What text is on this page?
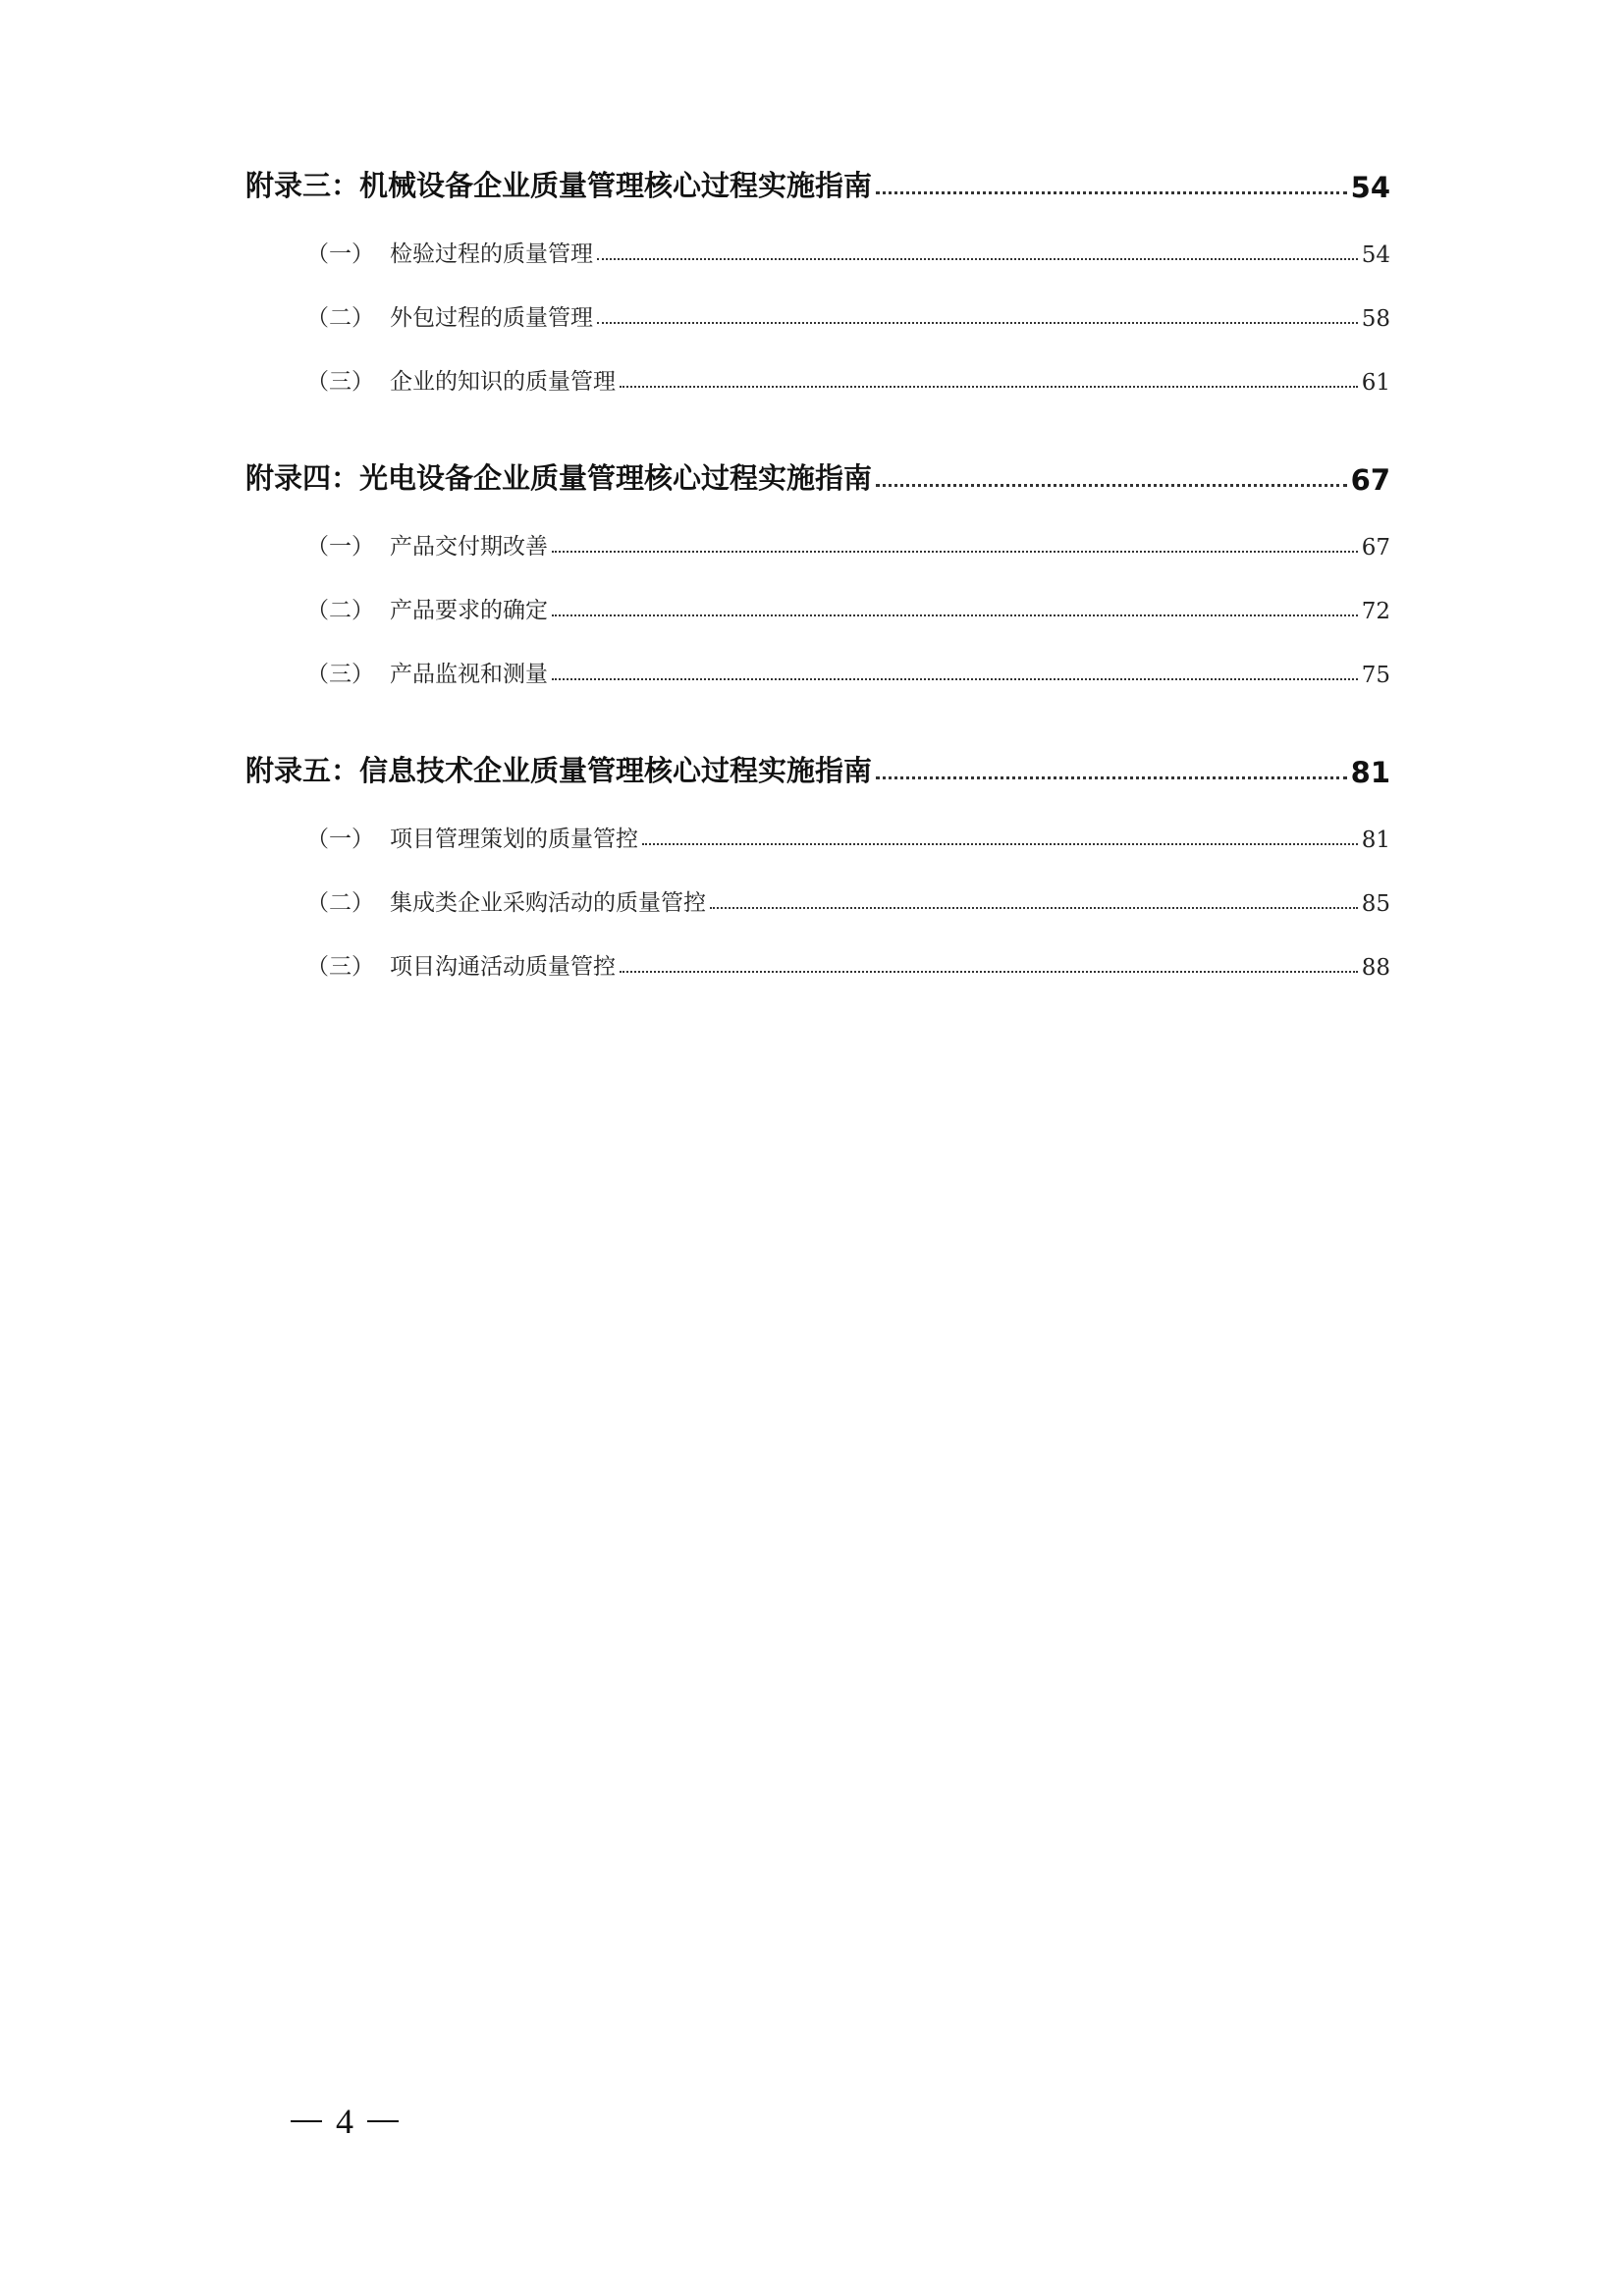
附录三：机械设备企业质量管理核心过程实施指南	54
（一） 检验过程的质量管理	54
（二） 外包过程的质量管理	58
（三） 企业的知识的质量管理	61
附录四：光电设备企业质量管理核心过程实施指南	67
（一） 产品交付期改善	67
（二） 产品要求的确定	72
（三） 产品监视和测量	75
附录五：信息技术企业质量管理核心过程实施指南	81
（一） 项目管理策划的质量管控	81
（二） 集成类企业采购活动的质量管控	85
（三） 项目沟通活动质量管控	88
4
